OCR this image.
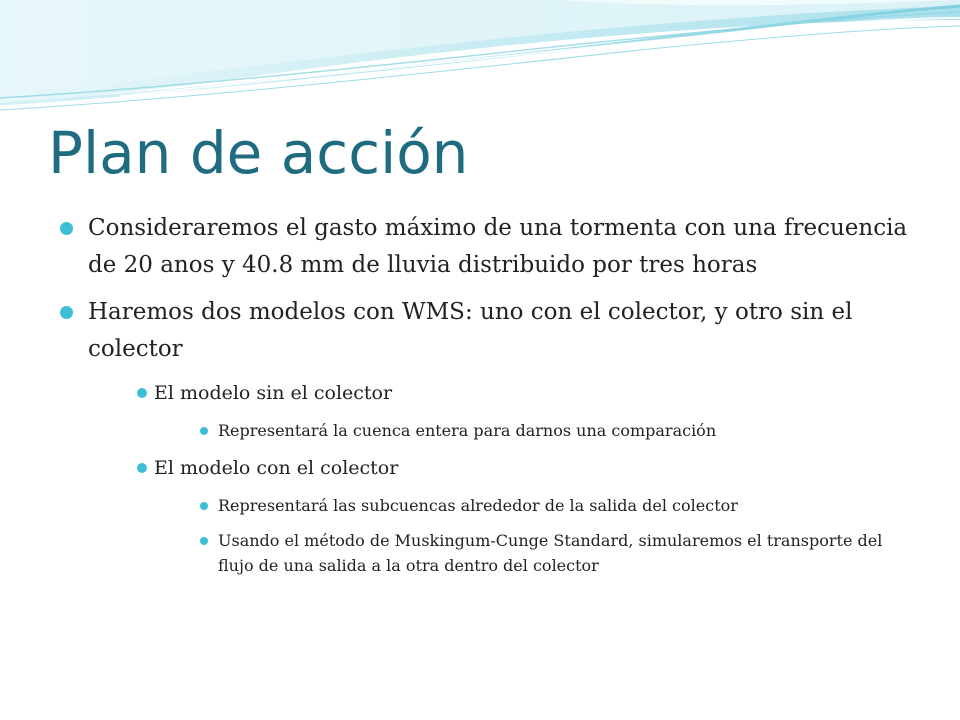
Plan de acción
Consideraremos el gasto máximo de una tormenta con una frecuencia de 20 anos y 40.8 mm de lluvia distribuido por tres horas
Haremos dos modelos con WMS: uno con el colector, y otro sin el colector
El modelo sin el colector
Representará la cuenca entera para darnos una comparación
El modelo con el colector
Representará las subcuencas alrededor de la salida del colector
Usando el método de Muskingum-Cunge Standard, simularemos el transporte del flujo de una salida a la otra dentro del colector
